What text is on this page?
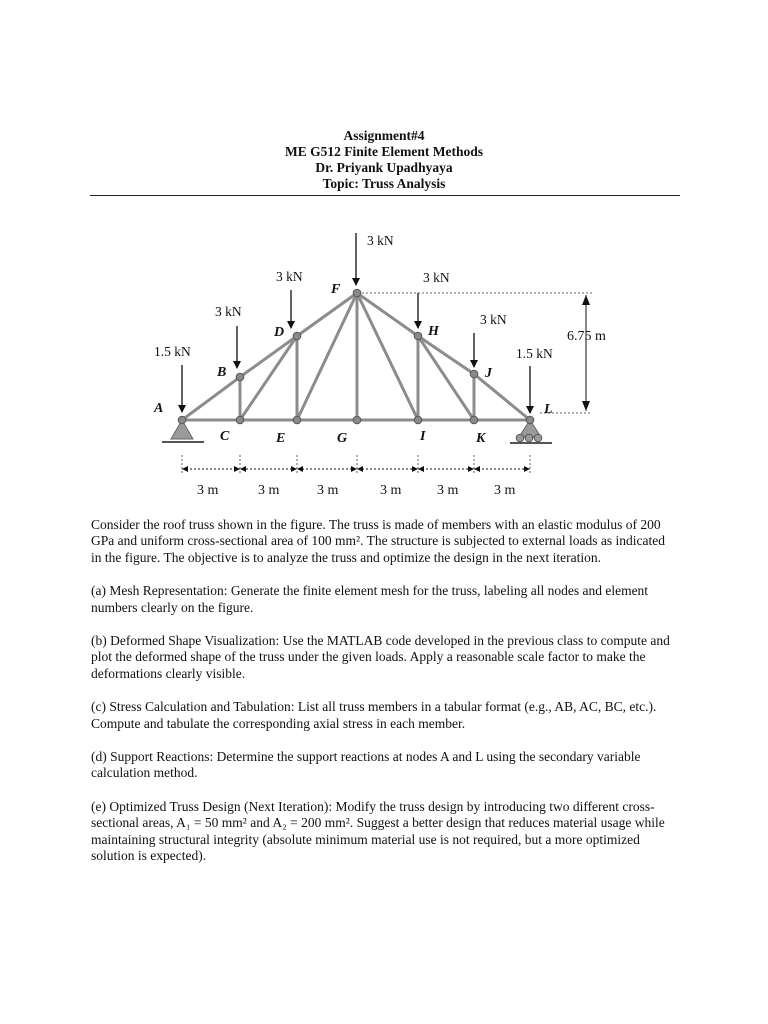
Assignment#4
ME G512 Finite Element Methods
Dr. Priyank Upadhyaya
Topic: Truss Analysis
A
B
C
D
E
F
G
H
I
J
K
L
1.5 kN
3 kN
3 kN
3 kN
3 kN
3 kN
1.5 kN
6.75 m
3 m	3 m	3 m	3 m	3 m	3 m

Consider the roof truss shown in the figure. The truss is made of members with an elastic modulus of 200 GPa and uniform cross-sectional area of 100 mm². The structure is subjected to external loads as indicated in the figure. The objective is to analyze the truss and optimize the design in the next iteration.

(a) Mesh Representation: Generate the finite element mesh for the truss, labeling all nodes and element numbers clearly on the figure.

(b) Deformed Shape Visualization: Use the MATLAB code developed in the previous class to compute and plot the deformed shape of the truss under the given loads. Apply a reasonable scale factor to make the deformations clearly visible.

(c) Stress Calculation and Tabulation: List all truss members in a tabular format (e.g., AB, AC, BC, etc.). Compute and tabulate the corresponding axial stress in each member.

(d) Support Reactions: Determine the support reactions at nodes A and L using the secondary variable calculation method.

(e) Optimized Truss Design (Next Iteration): Modify the truss design by introducing two different cross-sectional areas, A₁ = 50 mm² and A₂ = 200 mm². Suggest a better design that reduces material usage while maintaining structural integrity (absolute minimum material use is not required, but a more optimized solution is expected).
